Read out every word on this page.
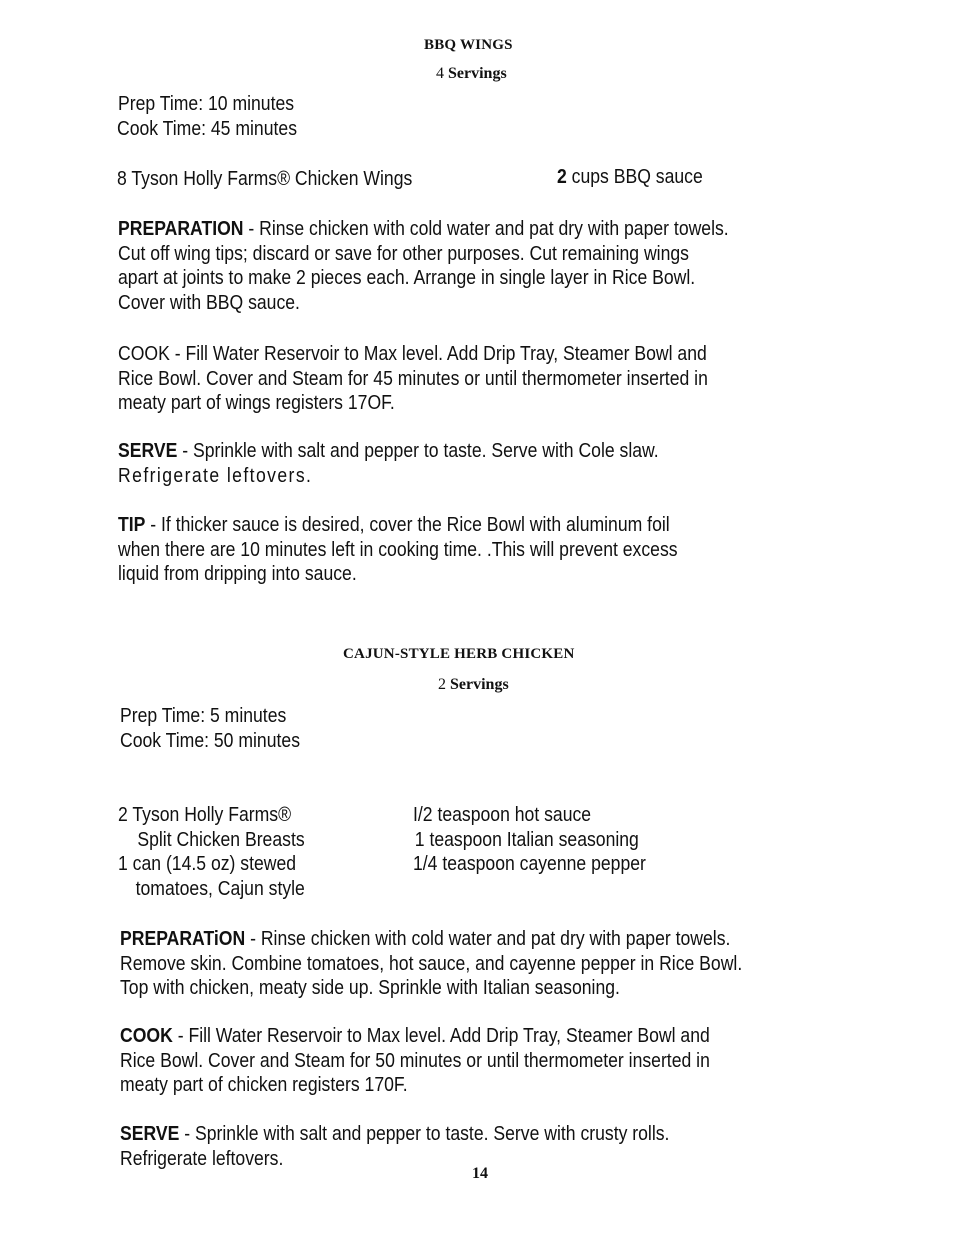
BBQ WINGS
4 Servings
Prep Time: 10 minutes
Cook Time: 45 minutes
8 Tyson Holly Farms® Chicken Wings	2 cups BBQ sauce
PREPARATION - Rinse chicken with cold water and pat dry with paper towels.
Cut off wing tips; discard or save for other purposes. Cut remaining wings
apart at joints to make 2 pieces each. Arrange in single layer in Rice Bowl.
Cover with BBQ sauce.
COOK - Fill Water Reservoir to Max level. Add Drip Tray, Steamer Bowl and
Rice Bowl. Cover and Steam for 45 minutes or until thermometer inserted in
meaty part of wings registers 17OF.
SERVE - Sprinkle with salt and pepper to taste. Serve with Cole slaw.
Refrigerate leftovers.
TIP - If thicker sauce is desired, cover the Rice Bowl with aluminum foil
when there are 10 minutes left in cooking time. .This will prevent excess
liquid from dripping into sauce.
CAJUN-STYLE HERB CHICKEN
2 Servings
Prep Time: 5 minutes
Cook Time: 50 minutes
2 Tyson Holly Farms®
Split Chicken Breasts
1 can (14.5 oz) stewed
tomatoes, Cajun style
I/2 teaspoon hot sauce
1 teaspoon Italian seasoning
1/4 teaspoon cayenne pepper
PREPARATiON - Rinse chicken with cold water and pat dry with paper towels.
Remove skin. Combine tomatoes, hot sauce, and cayenne pepper in Rice Bowl.
Top with chicken, meaty side up. Sprinkle with Italian seasoning.
COOK - Fill Water Reservoir to Max level. Add Drip Tray, Steamer Bowl and
Rice Bowl. Cover and Steam for 50 minutes or until thermometer inserted in
meaty part of chicken registers 170F.
SERVE - Sprinkle with salt and pepper to taste. Serve with crusty rolls.
Refrigerate leftovers.
14
